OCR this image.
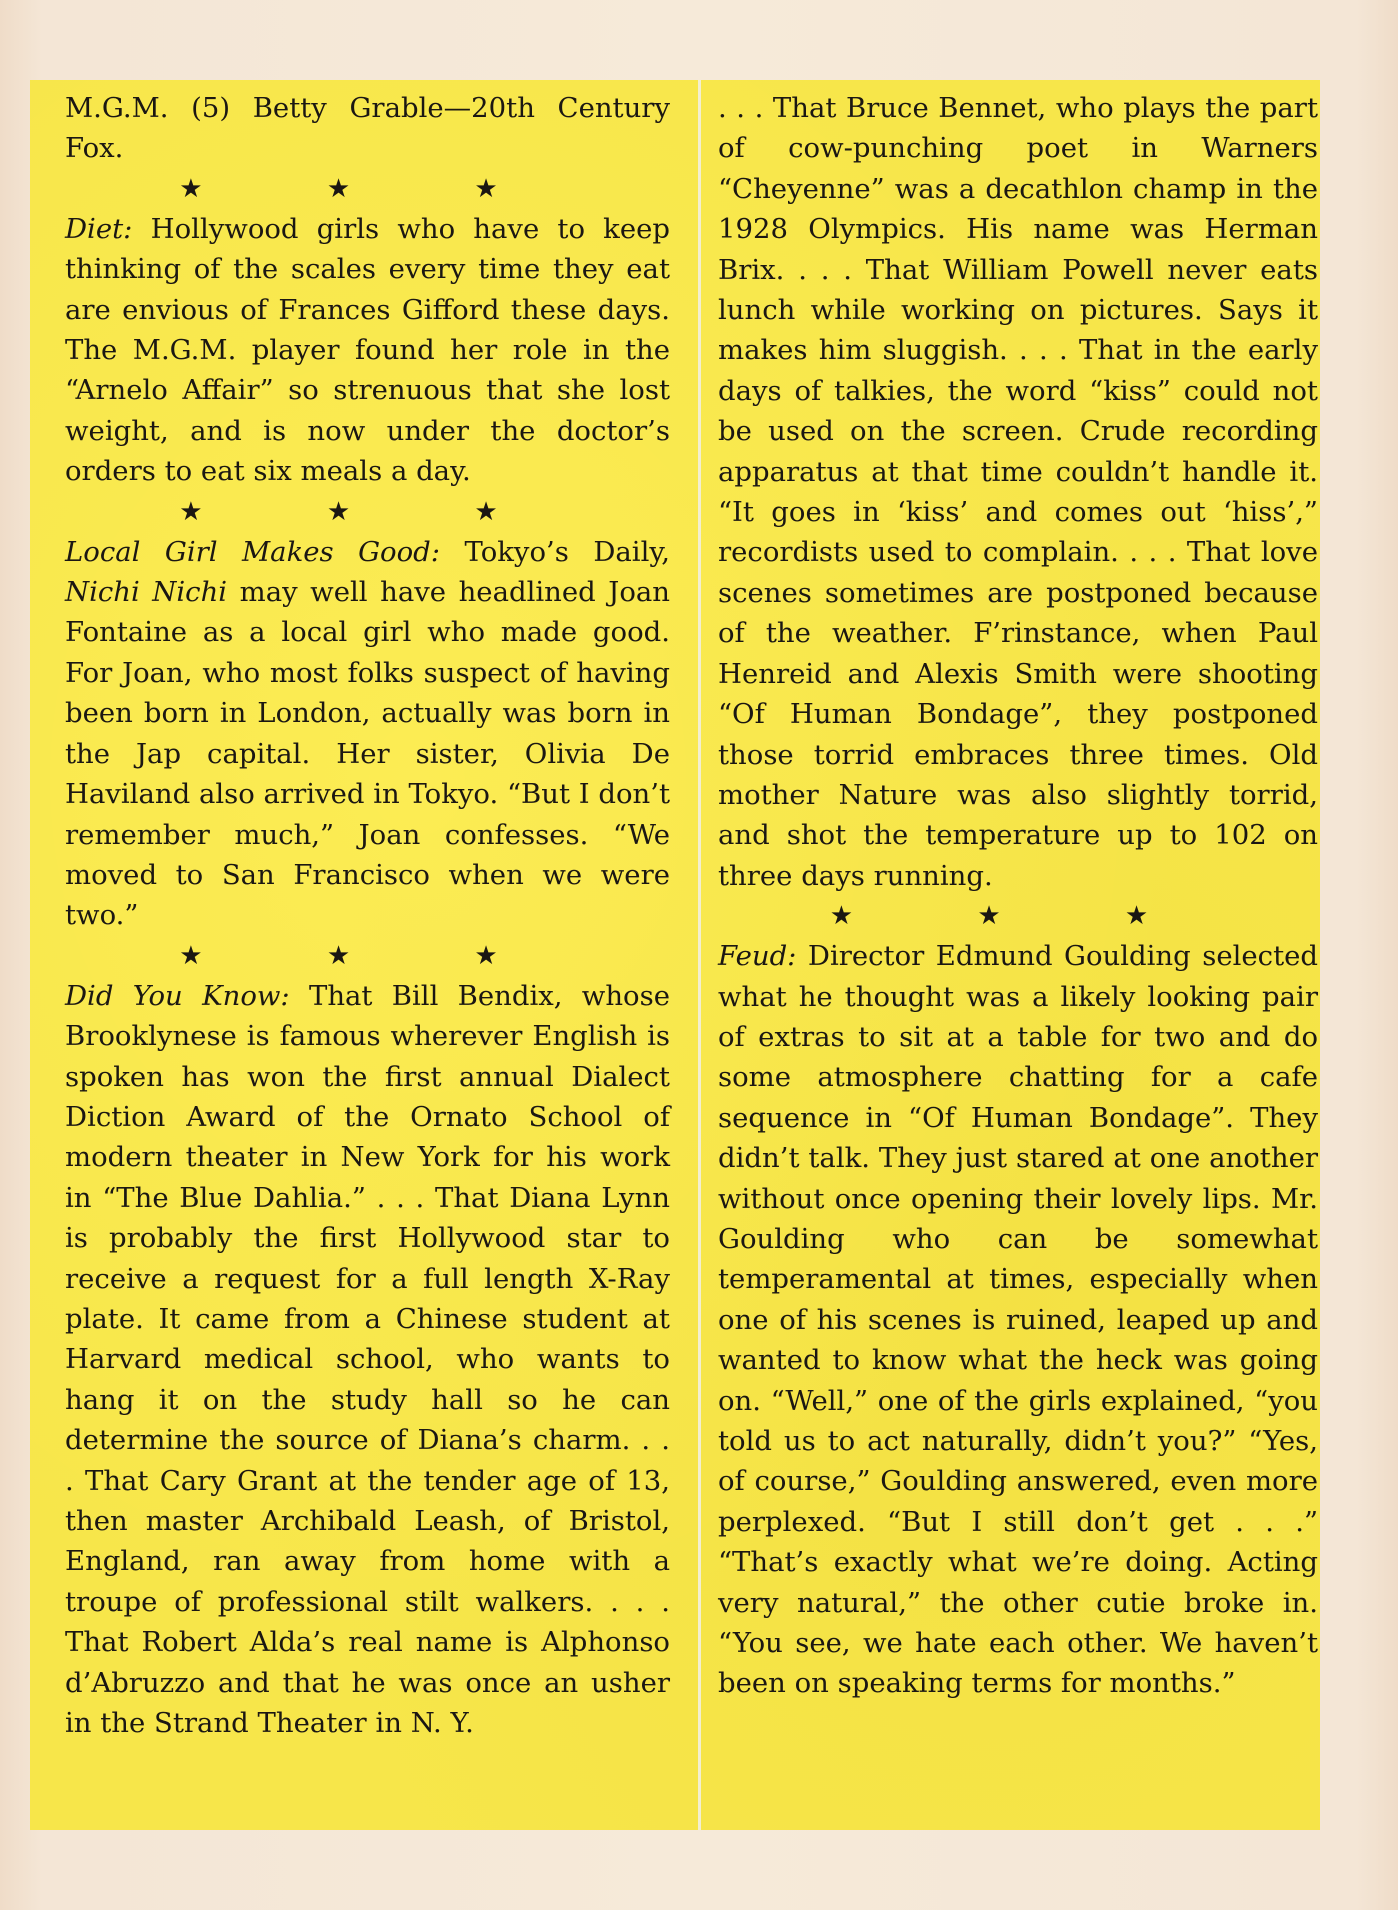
M.G.M. (5) Betty Grable—20th Century Fox.

★ ★ ★

Diet: Hollywood girls who have to keep thinking of the scales every time they eat are envious of Frances Gifford these days. The M.G.M. player found her role in the “Arnelo Affair” so strenuous that she lost weight, and is now under the doctor’s orders to eat six meals a day.

★ ★ ★

Local Girl Makes Good: Tokyo’s Daily, Nichi Nichi may well have headlined Joan Fontaine as a local girl who made good. For Joan, who most folks suspect of having been born in London, actually was born in the Jap capital. Her sister, Olivia De Haviland also arrived in Tokyo. “But I don’t remember much,” Joan confesses. “We moved to San Francisco when we were two.”

★ ★ ★

Did You Know: That Bill Bendix, whose Brooklynese is famous wherever English is spoken has won the first annual Dialect Diction Award of the Ornato School of modern theater in New York for his work in “The Blue Dahlia.” . . . That Diana Lynn is probably the first Hollywood star to receive a request for a full length X-Ray plate. It came from a Chinese student at Harvard medical school, who wants to hang it on the study hall so he can determine the source of Diana’s charm. . . . That Cary Grant at the tender age of 13, then master Archibald Leash, of Bristol, England, ran away from home with a troupe of professional stilt walkers. . . . That Robert Alda’s real name is Alphonso d’Abruzzo and that he was once an usher in the Strand Theater in N. Y.

. . . That Bruce Bennet, who plays the part of cow-punching poet in Warners “Cheyenne” was a decathlon champ in the 1928 Olympics. His name was Herman Brix. . . . That William Powell never eats lunch while working on pictures. Says it makes him sluggish. . . . That in the early days of talkies, the word “kiss” could not be used on the screen. Crude recording apparatus at that time couldn’t handle it. “It goes in ‘kiss’ and comes out ‘hiss’,” recordists used to complain. . . . That love scenes sometimes are postponed because of the weather. F’rinstance, when Paul Henreid and Alexis Smith were shooting “Of Human Bondage”, they postponed those torrid embraces three times. Old mother Nature was also slightly torrid, and shot the temperature up to 102 on three days running.

★ ★ ★

Feud: Director Edmund Goulding selected what he thought was a likely looking pair of extras to sit at a table for two and do some atmosphere chatting for a cafe sequence in “Of Human Bondage”. They didn’t talk. They just stared at one another without once opening their lovely lips. Mr. Goulding who can be somewhat temperamental at times, especially when one of his scenes is ruined, leaped up and wanted to know what the heck was going on. “Well,” one of the girls explained, “you told us to act naturally, didn’t you?” “Yes, of course,” Goulding answered, even more perplexed. “But I still don’t get . . .” “That’s exactly what we’re doing. Acting very natural,” the other cutie broke in. “You see, we hate each other. We haven’t been on speaking terms for months.”
